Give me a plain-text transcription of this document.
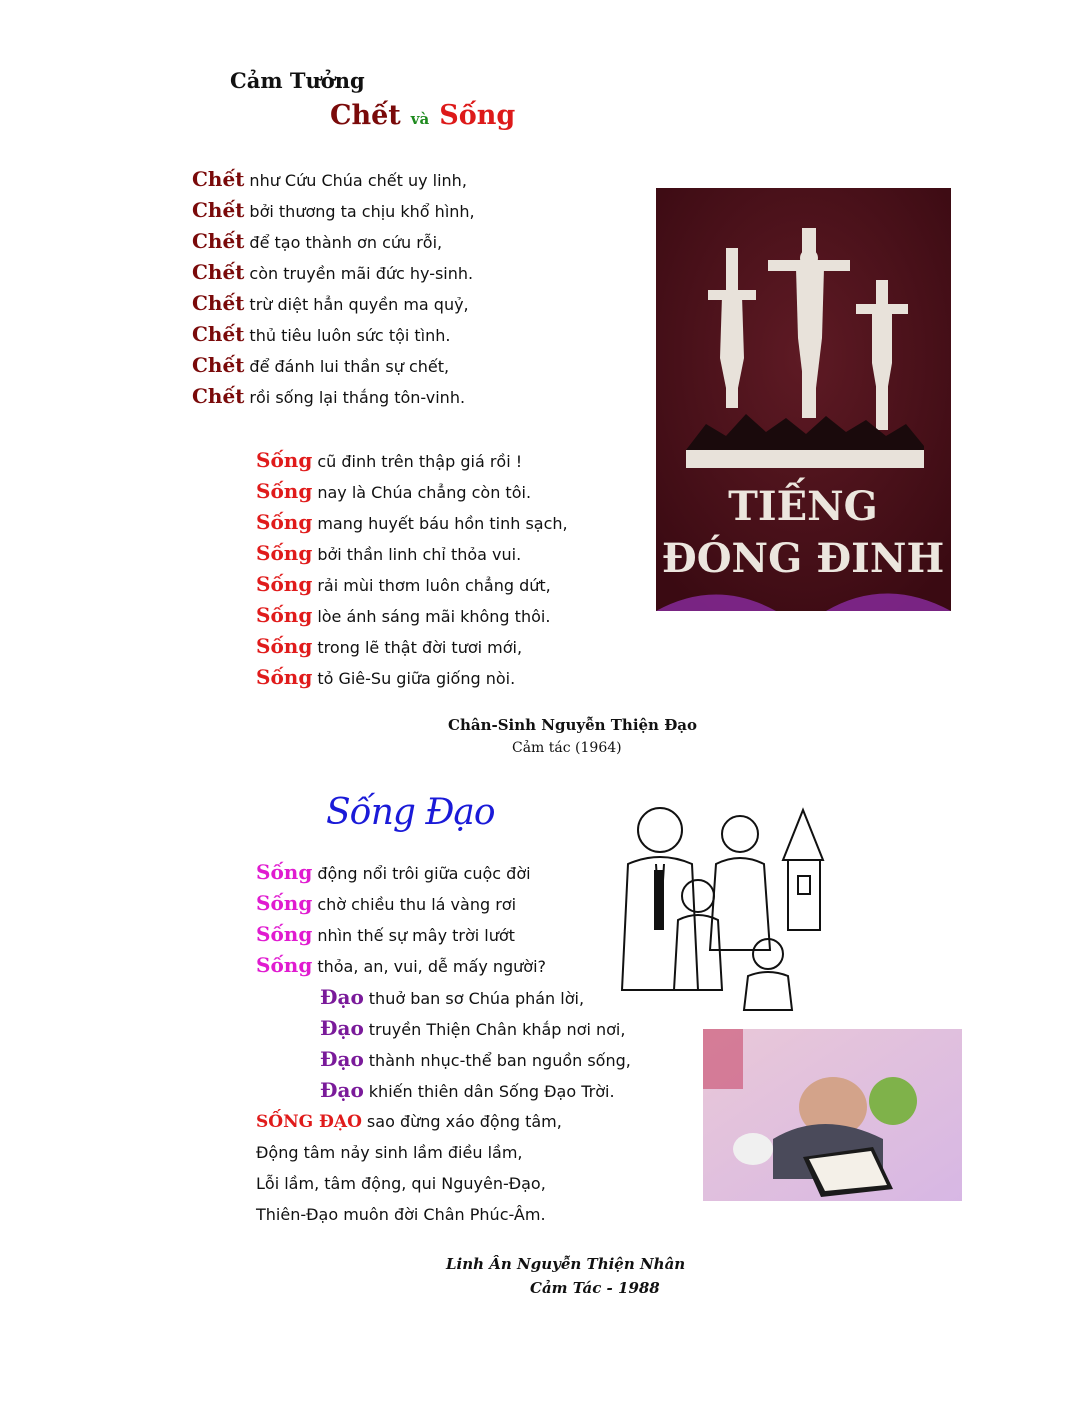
Cảm Tưởng
Chết và Sống
Chết như Cứu Chúa chết uy linh,
Chết bởi thương ta chịu khổ hình,
Chết để tạo thành ơn cứu rỗi,
Chết còn truyền mãi đức hy-sinh.
Chết trừ diệt hẳn quyền ma quỷ,
Chết thủ tiêu luôn sức tội tình.
Chết để đánh lui thần sự chết,
Chết rồi sống lại thắng tôn-vinh.
Sống cũ đinh trên thập giá rồi !
Sống nay là Chúa chẳng còn tôi.
Sống mang huyết báu hồn tinh sạch,
Sống bởi thần linh chỉ thỏa vui.
Sống rải mùi thơm luôn chẳng dứt,
Sống lòe ánh sáng mãi không thôi.
Sống trong lẽ thật đời tươi mới,
Sống tỏ Giê-Su giữa giống nòi.
TIẾNG
ĐÓNG ĐINH
Chân-Sinh Nguyễn Thiện Đạo
Cảm tác (1964)
Sống Đạo
Sống động nổi trôi giữa cuộc đời
Sống chờ chiều thu lá vàng rơi
Sống nhìn thế sự mây trời lướt
Sống thỏa, an, vui, dễ mấy người?
Đạo thuở ban sơ Chúa phán lời,
Đạo truyền Thiện Chân khắp nơi nơi,
Đạo thành nhục-thể ban nguồn sống,
Đạo khiến thiên dân Sống Đạo Trời.
SỐNG ĐẠO sao đừng xáo động tâm,
Động tâm nảy sinh lầm điều lầm,
Lỗi lầm, tâm động, qui Nguyên-Đạo,
Thiên-Đạo muôn đời Chân Phúc-Âm.
Linh Ân Nguyễn Thiện Nhân
Cảm Tác - 1988
